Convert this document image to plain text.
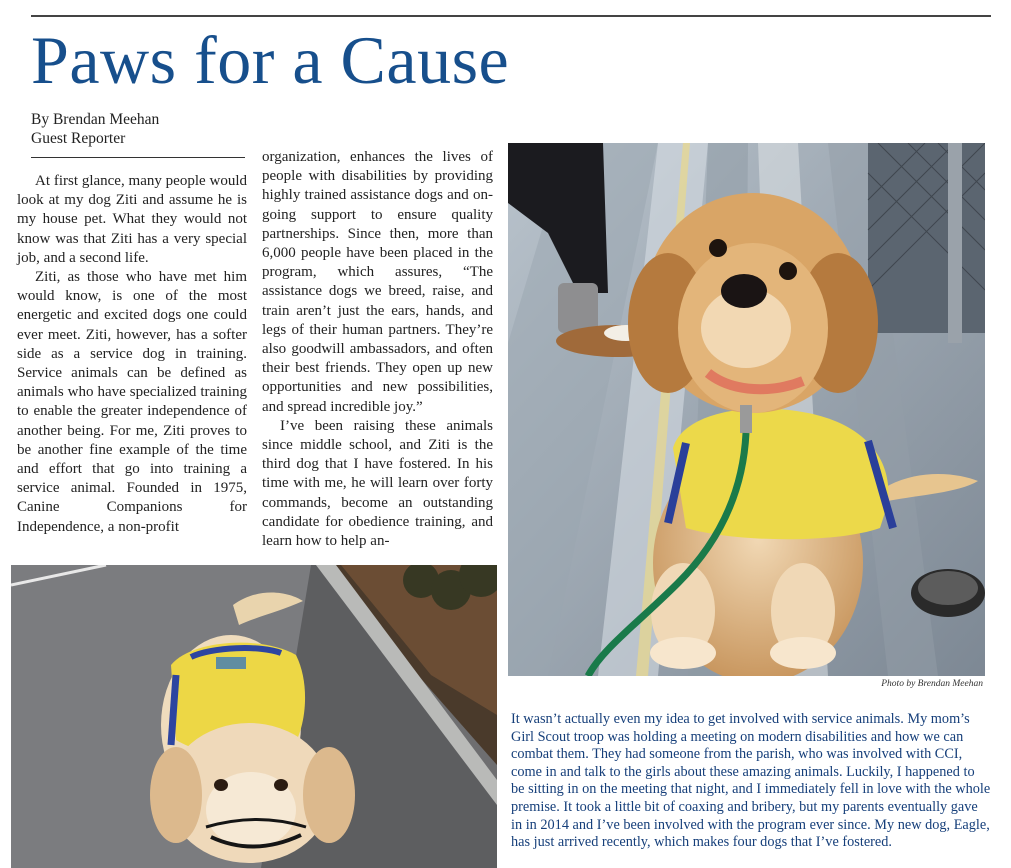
Paws for a Cause
By Brendan Meehan
Guest Reporter

At first glance, many people would look at my dog Ziti and assume he is my house pet. What they would not know was that Ziti has a very special job, and a second life.

Ziti, as those who have met him would know, is one of the most energetic and excited dogs one could ever meet. Ziti, however, has a softer side as a service dog in training. Service animals can be defined as animals who have specialized training to enable the greater independence of another being. For me, Ziti proves to be another fine example of the time and effort that go into training a service animal. Founded in 1975, Canine Companions for Independence, a non-profit

organization, enhances the lives of people with disabilities by providing highly trained assistance dogs and on-going support to ensure quality partnerships. Since then, more than 6,000 people have been placed in the program, which assures, “The assistance dogs we breed, raise, and train aren’t just the ears, hands, and legs of their human partners. They’re also goodwill ambassadors, and often their best friends. They open up new opportunities and new possibilities, and spread incredible joy.”

I’ve been raising these animals since middle school, and Ziti is the third dog that I have fostered. In his time with me, he will learn over forty commands, become an outstanding candidate for obedience training, and learn how to help an-

Photo by Brendan Meehan

It wasn’t actually even my idea to get involved with service animals. My mom’s Girl Scout troop was holding a meeting on modern disabilities and how we can combat them. They had someone from the parish, who was involved with CCI, come in and talk to the girls about these amazing animals. Luckily, I happened to be sitting in on the meeting that night, and I immediately fell in love with the whole premise. It took a little bit of coaxing and bribery, but my parents eventually gave in in 2014 and I’ve been involved with the program ever since. My new dog, Eagle, has just arrived recently, which makes four dogs that I’ve fostered.
